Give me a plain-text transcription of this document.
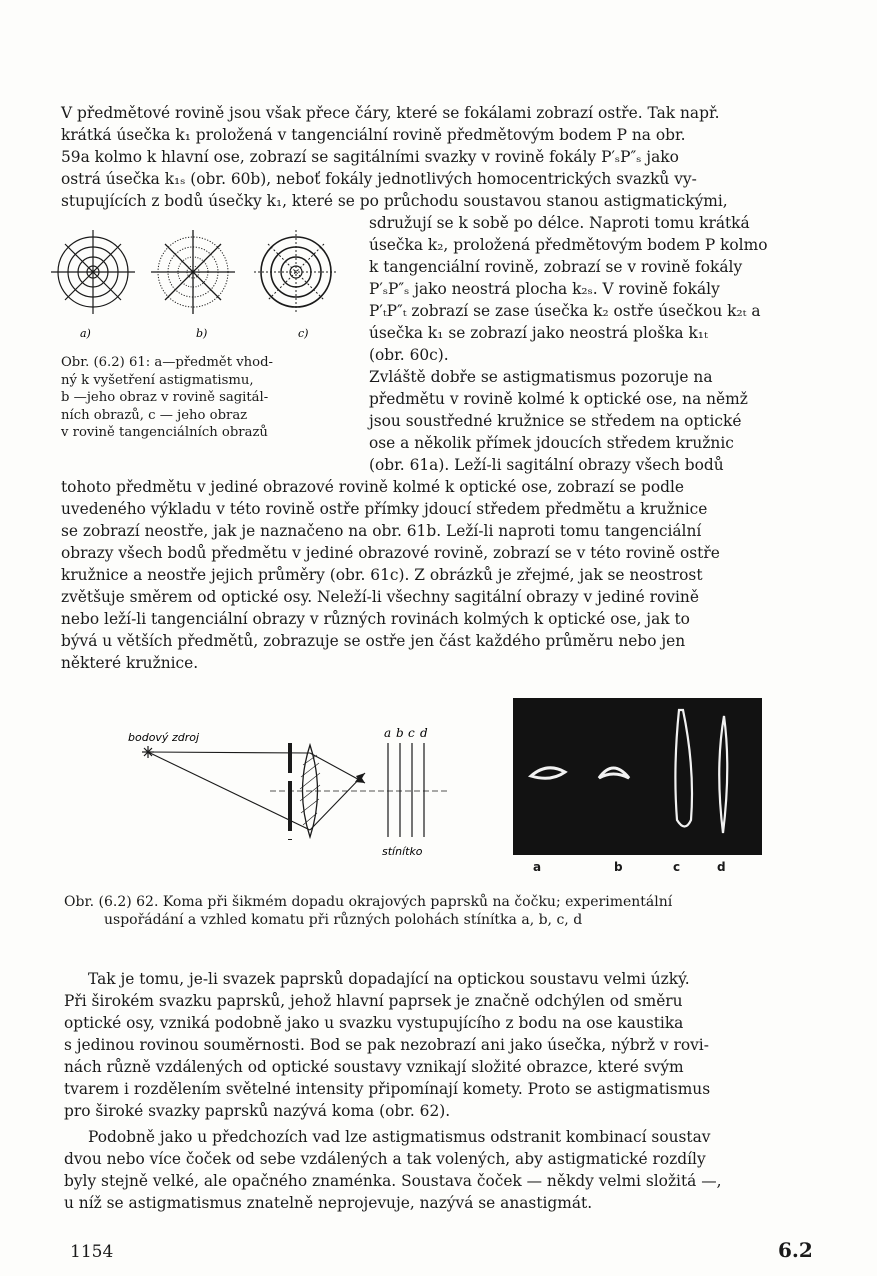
V předmětové rovině jsou však přece čáry, které se fokálami zobrazí ostře. Tak např.
krátká úsečka k₁ proložená v tangenciální rovině předmětovým bodem P na obr.
59a kolmo k hlavní ose, zobrazí se sagitálními svazky v rovině fokály P′ₛP″ₛ jako
ostrá úsečka k₁ₛ (obr. 60b), neboť fokály jednotlivých homocentrických svazků vy-
stupujících z bodů úsečky k₁, které se po průchodu soustavou stanou astigmatickými,
a)	b)	c)
sdružují se k sobě po délce. Naproti tomu krátká
úsečka k₂, proložená předmětovým bodem P kolmo
k tangenciální rovině, zobrazí se v rovině fokály
P′ₛP″ₛ jako neostrá plocha k₂ₛ. V rovině fokály
P′ₜP″ₜ zobrazí se zase úsečka k₂ ostře úsečkou k₂ₜ a
úsečka k₁ se zobrazí jako neostrá ploška k₁ₜ
(obr. 60c).
Obr. (6.2) 61: a—předmět vhod-
ný k vyšetření astigmatismu,
b —jeho obraz v rovině sagitál-
ních obrazů, c — jeho obraz
v rovině tangenciálních obrazů
Zvláště dobře se astigmatismus pozoruje na
předmětu v rovině kolmé k optické ose, na němž
jsou soustředné kružnice se středem na optické
ose a několik přímek jdoucích středem kružnic
(obr. 61a). Leží-li sagitální obrazy všech bodů
tohoto předmětu v jediné obrazové rovině kolmé k optické ose, zobrazí se podle
uvedeného výkladu v této rovině ostře přímky jdoucí středem předmětu a kružnice
se zobrazí neostře, jak je naznačeno na obr. 61b. Leží-li naproti tomu tangenciální
obrazy všech bodů předmětu v jediné obrazové rovině, zobrazí se v této rovině ostře
kružnice a neostře jejich průměry (obr. 61c). Z obrázků je zřejmé, jak se neostrost
zvětšuje směrem od optické osy. Neleží-li všechny sagitální obrazy v jediné rovině
nebo leží-li tangenciální obrazy v různých rovinách kolmých k optické ose, jak to
bývá u větších předmětů, zobrazuje se ostře jen část každého průměru nebo jen
některé kružnice.
bodový zdroj	a b c d
stínítko
a	b	c	d
Obr. (6.2) 62. Koma při šikmém dopadu okrajových paprsků na čočku; experimentální
uspořádání a vzhled komatu při různých polohách stínítka a, b, c, d
Tak je tomu, je-li svazek paprsků dopadající na optickou soustavu velmi úzký.
Při širokém svazku paprsků, jehož hlavní paprsek je značně odchýlen od směru
optické osy, vzniká podobně jako u svazku vystupujícího z bodu na ose kaustika
s jedinou rovinou souměrnosti. Bod se pak nezobrazí ani jako úsečka, nýbrž v rovi-
nách různě vzdálených od optické soustavy vznikají složité obrazce, které svým
tvarem i rozdělením světelné intensity připomínají komety. Proto se astigmatismus
pro široké svazky paprsků nazývá koma (obr. 62).
Podobně jako u předchozích vad lze astigmatismus odstranit kombinací soustav
dvou nebo více čoček od sebe vzdálených a tak volených, aby astigmatické rozdíly
byly stejně velké, ale opačného znaménka. Soustava čoček — někdy velmi složitá —,
u níž se astigmatismus znatelně neprojevuje, nazývá se anastigmát.
1154	6.2
